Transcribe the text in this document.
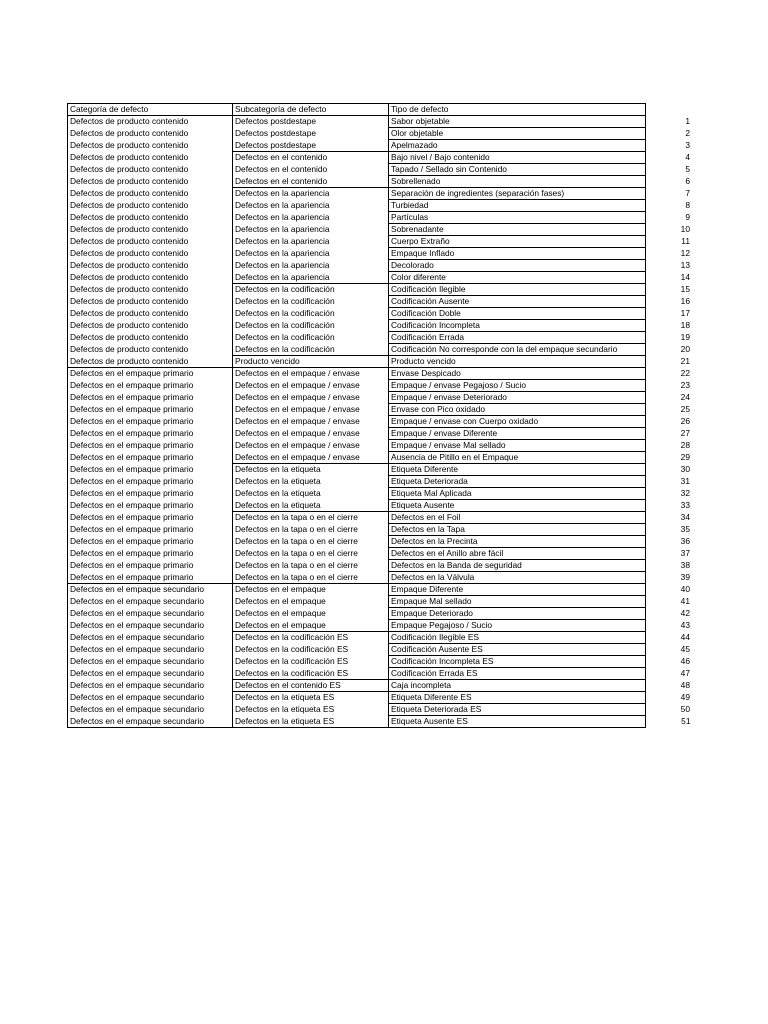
Categoría de defecto	Subcategoría de defecto	Tipo de defecto	
Defectos de producto contenido	Defectos postdestape	Sabor objetable	1
Defectos de producto contenido	Defectos postdestape	Olor objetable	2
Defectos de producto contenido	Defectos postdestape	Apelmazado	3
Defectos de producto contenido	Defectos en el contenido	Bajo nivel / Bajo contenido	4
Defectos de producto contenido	Defectos en el contenido	Tapado / Sellado sin Contenido	5
Defectos de producto contenido	Defectos en el contenido	Sobrellenado	6
Defectos de producto contenido	Defectos en la apariencia	Separación de ingredientes (separación fases)	7
Defectos de producto contenido	Defectos en la apariencia	Turbiedad	8
Defectos de producto contenido	Defectos en la apariencia	Partículas	9
Defectos de producto contenido	Defectos en la apariencia	Sobrenadante	10
Defectos de producto contenido	Defectos en la apariencia	Cuerpo Extraño	11
Defectos de producto contenido	Defectos en la apariencia	Empaque Inflado	12
Defectos de producto contenido	Defectos en la apariencia	Decolorado	13
Defectos de producto contenido	Defectos en la apariencia	Color diferente	14
Defectos de producto contenido	Defectos en la codificación	Codificación Ilegible	15
Defectos de producto contenido	Defectos en la codificación	Codificación Ausente	16
Defectos de producto contenido	Defectos en la codificación	Codificación Doble	17
Defectos de producto contenido	Defectos en la codificación	Codificación Incompleta	18
Defectos de producto contenido	Defectos en la codificación	Codificación Errada	19
Defectos de producto contenido	Defectos en la codificación	Codificación No corresponde con la del empaque secundario	20
Defectos de producto contenido	Producto vencido	Producto vencido	21
Defectos en el empaque primario	Defectos en el empaque / envase	Envase Despicado	22
Defectos en el empaque primario	Defectos en el empaque / envase	Empaque / envase Pegajoso / Sucio	23
Defectos en el empaque primario	Defectos en el empaque / envase	Empaque / envase Deteriorado	24
Defectos en el empaque primario	Defectos en el empaque / envase	Envase con Pico oxidado	25
Defectos en el empaque primario	Defectos en el empaque / envase	Empaque / envase con Cuerpo oxidado	26
Defectos en el empaque primario	Defectos en el empaque / envase	Empaque / envase Diferente	27
Defectos en el empaque primario	Defectos en el empaque / envase	Empaque / envase Mal sellado	28
Defectos en el empaque primario	Defectos en el empaque / envase	Ausencia de Pitillo en el Empaque	29
Defectos en el empaque primario	Defectos en la etiqueta	Etiqueta Diferente	30
Defectos en el empaque primario	Defectos en la etiqueta	Etiqueta Deteriorada	31
Defectos en el empaque primario	Defectos en la etiqueta	Etiqueta Mal Aplicada	32
Defectos en el empaque primario	Defectos en la etiqueta	Etiqueta Ausente	33
Defectos en el empaque primario	Defectos en la tapa o en el cierre	Defectos en el Foil	34
Defectos en el empaque primario	Defectos en la tapa o en el cierre	Defectos en la Tapa	35
Defectos en el empaque primario	Defectos en la tapa o en el cierre	Defectos en la Precinta	36
Defectos en el empaque primario	Defectos en la tapa o en el cierre	Defectos en el Anillo abre fácil	37
Defectos en el empaque primario	Defectos en la tapa o en el cierre	Defectos en la Banda de seguridad	38
Defectos en el empaque primario	Defectos en la tapa o en el cierre	Defectos en la Válvula	39
Defectos en el empaque secundario	Defectos en el empaque	Empaque Diferente	40
Defectos en el empaque secundario	Defectos en el empaque	Empaque Mal sellado	41
Defectos en el empaque secundario	Defectos en el empaque	Empaque Deteriorado	42
Defectos en el empaque secundario	Defectos en el empaque	Empaque Pegajoso / Sucio	43
Defectos en el empaque secundario	Defectos en la codificación ES	Codificación Ilegible ES	44
Defectos en el empaque secundario	Defectos en la codificación ES	Codificación Ausente ES	45
Defectos en el empaque secundario	Defectos en la codificación ES	Codificación Incompleta ES	46
Defectos en el empaque secundario	Defectos en la codificación ES	Codificación Errada ES	47
Defectos en el empaque secundario	Defectos en el contenido ES	Caja incompleta	48
Defectos en el empaque secundario	Defectos en la etiqueta ES	Etiqueta Diferente ES	49
Defectos en el empaque secundario	Defectos en la etiqueta ES	Etiqueta Deteriorada ES	50
Defectos en el empaque secundario	Defectos en la etiqueta ES	Etiqueta Ausente ES	51
